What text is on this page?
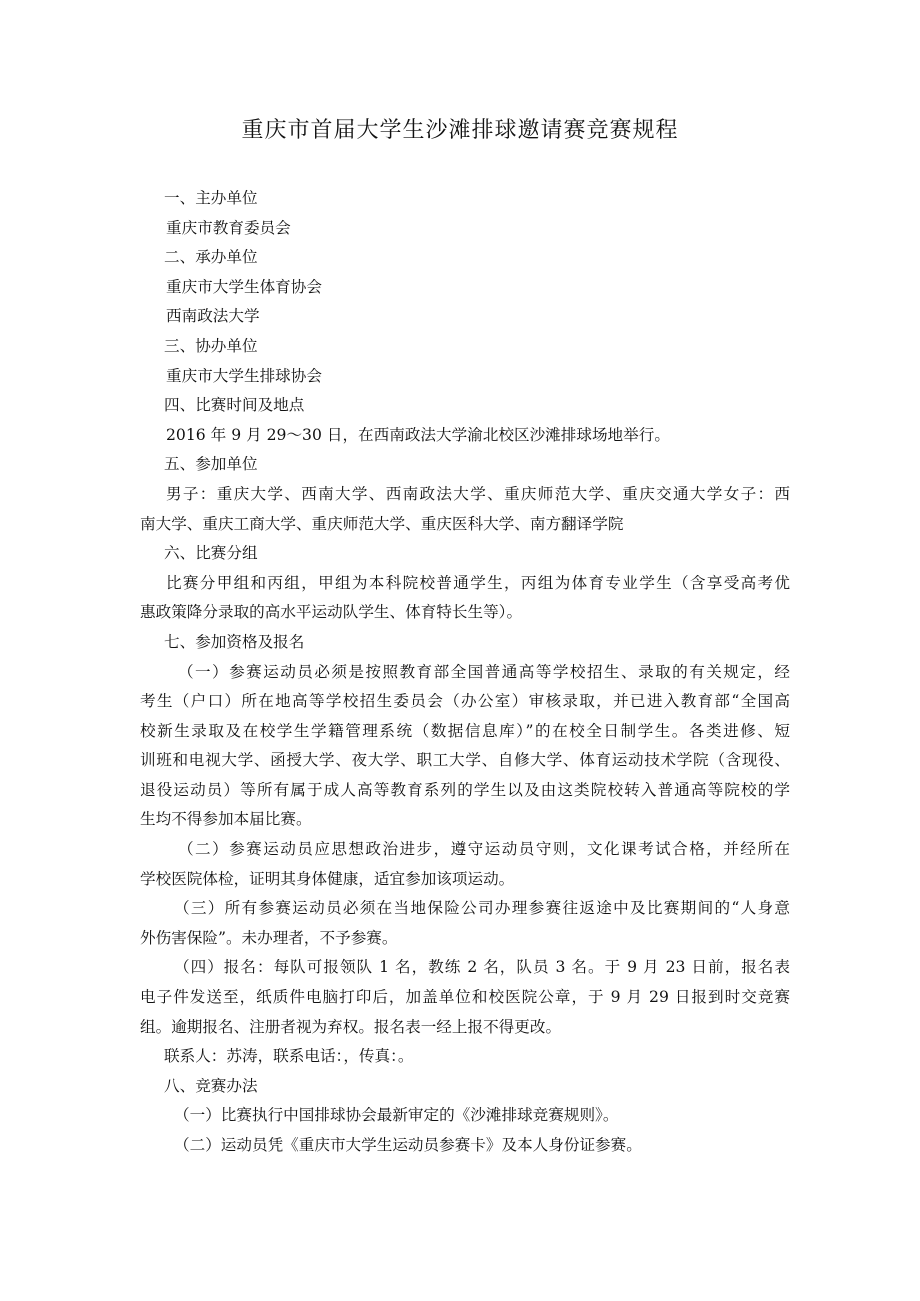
重庆市首届大学生沙滩排球邀请赛竞赛规程
一、主办单位
重庆市教育委员会
二、承办单位
重庆市大学生体育协会
西南政法大学
三、协办单位
重庆市大学生排球协会
四、比赛时间及地点
2016 年 9 月 29～30 日，在西南政法大学渝北校区沙滩排球场地举行。
五、参加单位
男子：重庆大学、西南大学、西南政法大学、重庆师范大学、重庆交通大学女子：西
南大学、重庆工商大学、重庆师范大学、重庆医科大学、南方翻译学院
六、比赛分组
比赛分甲组和丙组，甲组为本科院校普通学生，丙组为体育专业学生（含享受高考优
惠政策降分录取的高水平运动队学生、体育特长生等）。
七、参加资格及报名
（一）参赛运动员必须是按照教育部全国普通高等学校招生、录取的有关规定，经
考生（户口）所在地高等学校招生委员会（办公室）审核录取，并已进入教育部“全国高
校新生录取及在校学生学籍管理系统（数据信息库）”的在校全日制学生。各类进修、短
训班和电视大学、函授大学、夜大学、职工大学、自修大学、体育运动技术学院（含现役、
退役运动员）等所有属于成人高等教育系列的学生以及由这类院校转入普通高等院校的学
生均不得参加本届比赛。
（二）参赛运动员应思想政治进步，遵守运动员守则，文化课考试合格，并经所在
学校医院体检，证明其身体健康，适宜参加该项运动。
（三）所有参赛运动员必须在当地保险公司办理参赛往返途中及比赛期间的“人身意
外伤害保险”。未办理者，不予参赛。
（四）报名：每队可报领队 1 名，教练 2 名，队员 3 名。于 9 月 23 日前，报名表
电子件发送至，纸质件电脑打印后，加盖单位和校医院公章，于 9 月 29 日报到时交竞赛
组。逾期报名、注册者视为弃权。报名表一经上报不得更改。
联系人：苏涛，联系电话：，传真：。
八、竞赛办法
（一）比赛执行中国排球协会最新审定的《沙滩排球竞赛规则》。
（二）运动员凭《重庆市大学生运动员参赛卡》及本人身份证参赛。
